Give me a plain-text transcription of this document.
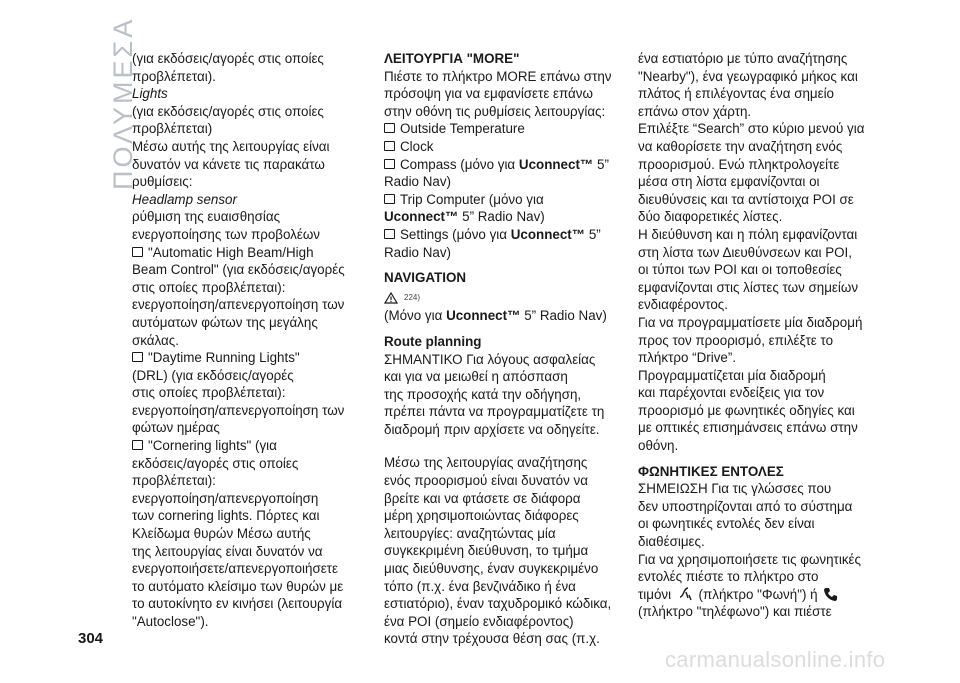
ΠΟΛΥΜΕΣΑ

(για εκδόσεις/αγορές στις οποίες

προβλέπεται).

Lights

(για εκδόσεις/αγορές στις οποίες

προβλέπεται)

Μέσω αυτής της λειτουργίας είναι

δυνατόν να κάνετε τις παρακάτω

ρυθμίσεις:

Headlamp sensor

ρύθμιση της ευαισθησίας

ενεργοποίησης των προβολέων

"Automatic High Beam/High

Beam Control" (για εκδόσεις/αγορές

στις οποίες προβλέπεται):

ενεργοποίηση/απενεργοποίηση των

αυτόματων φώτων της μεγάλης

σκάλας.

"Daytime Running Lights"

(DRL) (για εκδόσεις/αγορές

στις οποίες προβλέπεται):

ενεργοποίηση/απενεργοποίηση των

φώτων ημέρας

"Cornering lights" (για

εκδόσεις/αγορές στις οποίες

προβλέπεται):

ενεργοποίηση/απενεργοποίηση

των cornering lights. Πόρτες και

Κλείδωμα θυρών Μέσω αυτής

της λειτουργίας είναι δυνατόν να

ενεργοποιήσετε/απενεργοποιήσετε

το αυτόματο κλείσιμο των θυρών με

το αυτοκίνητο εν κινήσει (λειτουργία

"Autoclose").

ΛΕΙΤΟΥΡΓΙΑ "MORE"

Πιέστε το πλήκτρο MORE επάνω στην

πρόσοψη για να εμφανίσετε επάνω

στην οθόνη τις ρυθμίσεις λειτουργίας:

Outside Temperature

Clock

Compass (μόνο για Uconnect™ 5”

Radio Nav)

Trip Computer (μόνο για

Uconnect™ 5” Radio Nav)

Settings (μόνο για Uconnect™ 5”

Radio Nav)

NAVIGATION

224)

(Μόνο για Uconnect™ 5” Radio Nav)

Route planning

ΣΗΜΑΝΤΙΚΟ Για λόγους ασφαλείας

και για να μειωθεί η απόσπαση

της προσοχής κατά την οδήγηση,

πρέπει πάντα να προγραμματίζετε τη

διαδρομή πριν αρχίσετε να οδηγείτε.

Μέσω της λειτουργίας αναζήτησης

ενός προορισμού είναι δυνατόν να

βρείτε και να φτάσετε σε διάφορα

μέρη χρησιμοποιώντας διάφορες

λειτουργίες: αναζητώντας μία

συγκεκριμένη διεύθυνση, το τμήμα

μιας διεύθυνσης, έναν συγκεκριμένο

τόπο (π.χ. ένα βενζινάδικο ή ένα

εστιατόριο), έναν ταχυδρομικό κώδικα,

ένα POI (σημείο ενδιαφέροντος)

κοντά στην τρέχουσα θέση σας (π.χ.

ένα εστιατόριο με τύπο αναζήτησης

"Nearby"), ένα γεωγραφικό μήκος και

πλάτος ή επιλέγοντας ένα σημείο

επάνω στον χάρτη.

Επιλέξτε “Search” στο κύριο μενού για

να καθορίσετε την αναζήτηση ενός

προορισμού. Ενώ πληκτρολογείτε

μέσα στη λίστα εμφανίζονται οι

διευθύνσεις και τα αντίστοιχα POI σε

δύο διαφορετικές λίστες.

Η διεύθυνση και η πόλη εμφανίζονται

στη λίστα των Διευθύνσεων και POI,

οι τύποι των POI και οι τοποθεσίες

εμφανίζονται στις λίστες των σημείων

ενδιαφέροντος.

Για να προγραμματίσετε μία διαδρομή

προς τον προορισμό, επιλέξτε το

πλήκτρο “Drive”.

Προγραμματίζεται μία διαδρομή

και παρέχονται ενδείξεις για τον

προορισμό με φωνητικές οδηγίες και

με οπτικές επισημάνσεις επάνω στην

οθόνη.

ΦΩΝΗΤΙΚΕΣ ΕΝΤΟΛΕΣ

ΣΗΜΕΙΩΣΗ Για τις γλώσσες που

δεν υποστηρίζονται από το σύστημα

οι φωνητικές εντολές δεν είναι

διαθέσιμες.

Για να χρησιμοποιήσετε τις φωνητικές

εντολές πιέστε το πλήκτρο στο

τιμόνι  (πλήκτρο "Φωνή") ή

(πλήκτρο "τηλέφωνο") και πιέστε

304
carmanualsonline.info
